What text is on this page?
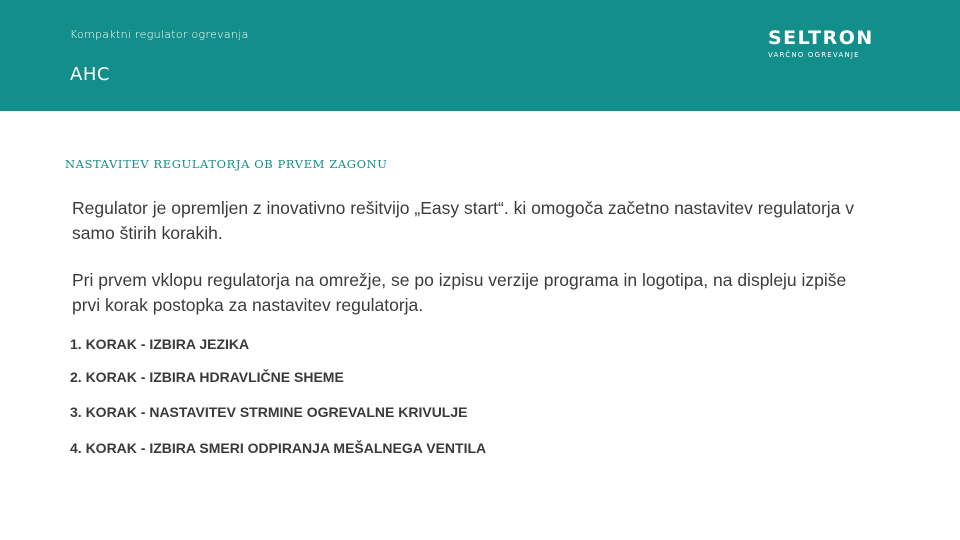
Kompaktni regulator ogrevanja
AHC
SELTRON
VARČNO OGREVANJE
NASTAVITEV REGULATORJA OB PRVEM ZAGONU
Regulator je opremljen z inovativno rešitvijo „Easy start“. ki omogoča začetno nastavitev regulatorja v samo štirih korakih.
Pri prvem vklopu regulatorja na omrežje, se po izpisu verzije programa in logotipa, na displeju izpiše prvi korak postopka za nastavitev regulatorja.
1. KORAK - IZBIRA JEZIKA
2. KORAK - IZBIRA HDRAVLIČNE SHEME
3. KORAK - NASTAVITEV STRMINE OGREVALNE KRIVULJE
4. KORAK - IZBIRA SMERI ODPIRANJA MEŠALNEGA VENTILA
